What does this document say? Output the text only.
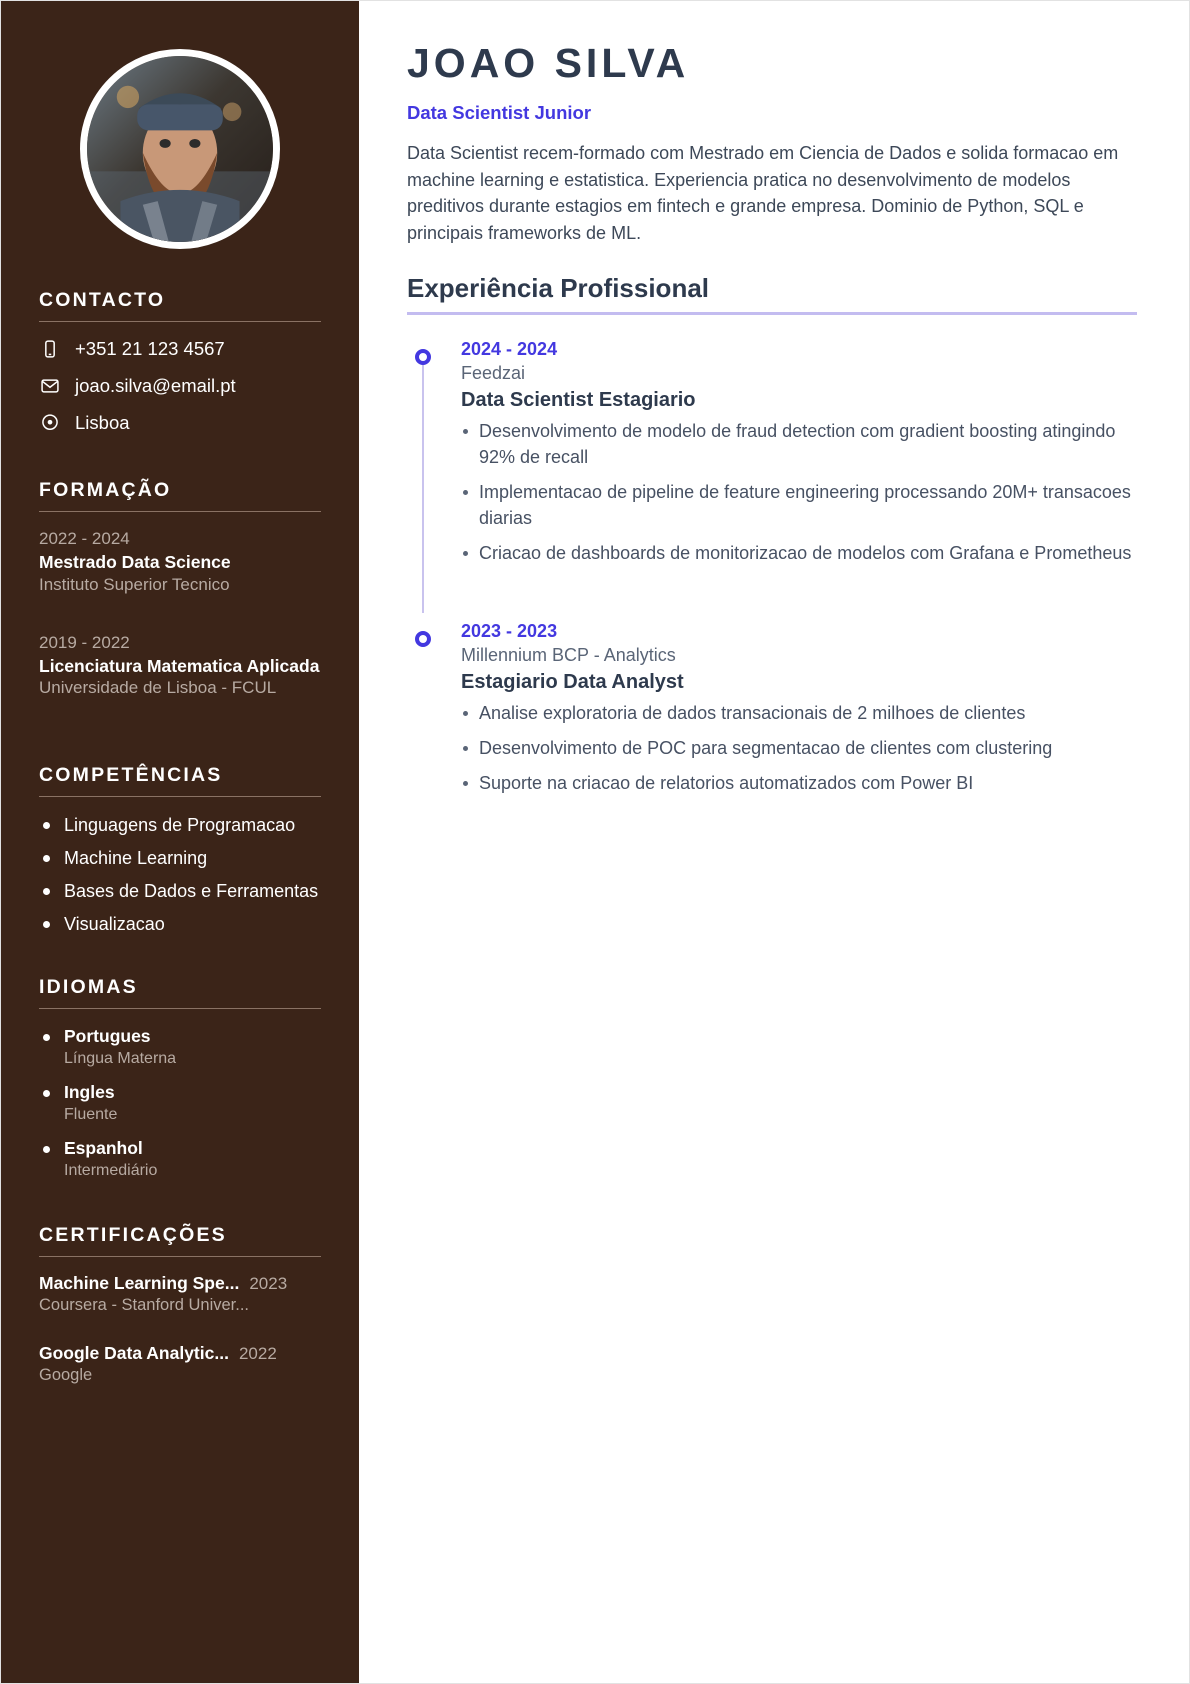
CONTACTO
+351 21 123 4567
joao.silva@email.pt
Lisboa
FORMAÇÃO
2022 - 2024
Mestrado Data Science
Instituto Superior Tecnico
2019 - 2022
Licenciatura Matematica Aplicada
Universidade de Lisboa - FCUL
COMPETÊNCIAS
Linguagens de Programacao
Machine Learning
Bases de Dados e Ferramentas
Visualizacao
IDIOMAS
Portugues
Língua Materna
Ingles
Fluente
Espanhol
Intermediário
CERTIFICAÇÕES
Machine Learning Spe... 2023
Coursera - Stanford Univer...
Google Data Analytic... 2022
Google
JOAO SILVA
Data Scientist Junior

Data Scientist recem-formado com Mestrado em Ciencia de Dados e solida formacao em machine learning e estatistica. Experiencia pratica no desenvolvimento de modelos preditivos durante estagios em fintech e grande empresa. Dominio de Python, SQL e principais frameworks de ML.

Experiência Profissional
2024 - 2024
Feedzai
Data Scientist Estagiario
Desenvolvimento de modelo de fraud detection com gradient boosting atingindo 92% de recall
Implementacao de pipeline de feature engineering processando 20M+ transacoes diarias
Criacao de dashboards de monitorizacao de modelos com Grafana e Prometheus
2023 - 2023
Millennium BCP - Analytics
Estagiario Data Analyst
Analise exploratoria de dados transacionais de 2 milhoes de clientes
Desenvolvimento de POC para segmentacao de clientes com clustering
Suporte na criacao de relatorios automatizados com Power BI
